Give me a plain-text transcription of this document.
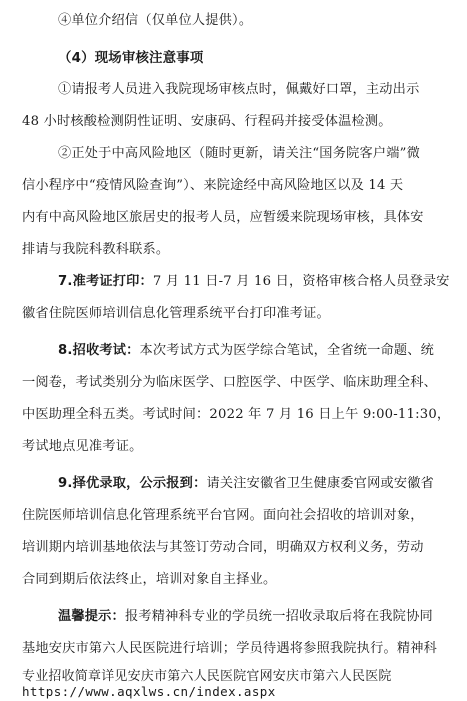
④单位介绍信（仅单位人提供）。
（4）现场审核注意事项
①请报考人员进入我院现场审核点时，佩戴好口罩，主动出示
48 小时核酸检测阴性证明、安康码、行程码并接受体温检测。
②正处于中高风险地区（随时更新，请关注“国务院客户端”微
信小程序中“疫情风险查询”）、来院途经中高风险地区以及 14 天
内有中高风险地区旅居史的报考人员，应暂缓来院现场审核，具体安
排请与我院科教科联系。
7.准考证打印：7 月 11 日-7 月 16 日，资格审核合格人员登录安
徽省住院医师培训信息化管理系统平台打印准考证。
8.招收考试：本次考试方式为医学综合笔试，全省统一命题、统
一阅卷，考试类别分为临床医学、口腔医学、中医学、临床助理全科、
中医助理全科五类。考试时间：2022 年 7 月 16 日上午 9:00-11:30，
考试地点见准考证。
9.择优录取，公示报到：请关注安徽省卫生健康委官网或安徽省
住院医师培训信息化管理系统平台官网。面向社会招收的培训对象，
培训期内培训基地依法与其签订劳动合同，明确双方权利义务，劳动
合同到期后依法终止，培训对象自主择业。
温馨提示：报考精神科专业的学员统一招收录取后将在我院协同
基地安庆市第六人民医院进行培训；学员待遇将参照我院执行。精神科
专业招收简章详见安庆市第六人民医院官网安庆市第六人民医院
https://www.aqxlws.cn/index.aspx
